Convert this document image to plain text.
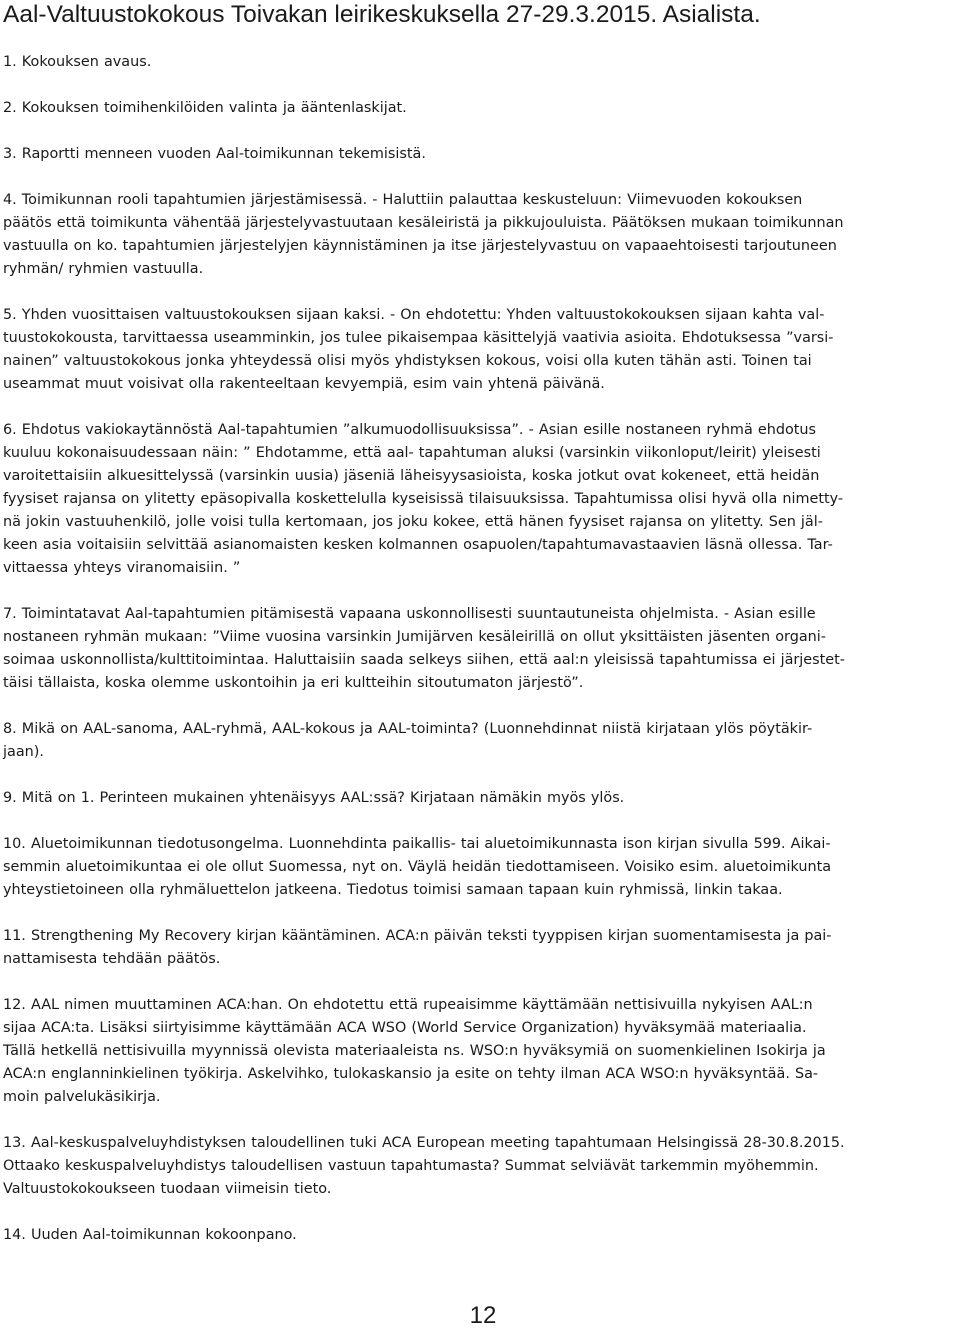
Aal-Valtuustokokous Toivakan leirikeskuksella 27-29.3.2015. Asialista.

1. Kokouksen avaus.

2. Kokouksen toimihenkilöiden valinta ja ääntenlaskijat.

3. Raportti menneen vuoden Aal-toimikunnan tekemisistä.

4. Toimikunnan rooli tapahtumien järjestämisessä. - Haluttiin palauttaa keskusteluun: Viimevuoden kokouksen
päätös että toimikunta vähentää järjestelyvastuutaan kesäleiristä ja pikkujouluista. Päätöksen mukaan toimikunnan
vastuulla on ko. tapahtumien järjestelyjen käynnistäminen ja itse järjestelyvastuu on vapaaehtoisesti tarjoutuneen
ryhmän/ ryhmien vastuulla.

5. Yhden vuosittaisen valtuustokouksen sijaan kaksi. - On ehdotettu: Yhden valtuustokokouksen sijaan kahta val-
tuustokokousta, tarvittaessa useamminkin, jos tulee pikaisempaa käsittelyjä vaativia asioita. Ehdotuksessa ”varsi-
nainen” valtuustokokous jonka yhteydessä olisi myös yhdistyksen kokous, voisi olla kuten tähän asti. Toinen tai
useammat muut voisivat olla rakenteeltaan kevyempiä, esim vain yhtenä päivänä.

6. Ehdotus vakiokaytännöstä Aal-tapahtumien ”alkumuodollisuuksissa”. - Asian esille nostaneen ryhmä ehdotus
kuuluu kokonaisuudessaan näin: ” Ehdotamme, että aal- tapahtuman aluksi (varsinkin viikonloput/leirit) yleisesti
varoitettaisiin alkuesittelyssä (varsinkin uusia) jäseniä läheisyysasioista, koska jotkut ovat kokeneet, että heidän
fyysiset rajansa on ylitetty epäsopivalla koskettelulla kyseisissä tilaisuuksissa. Tapahtumissa olisi hyvä olla nimetty-
nä jokin vastuuhenkilö, jolle voisi tulla kertomaan, jos joku kokee, että hänen fyysiset rajansa on ylitetty. Sen jäl-
keen asia voitaisiin selvittää asianomaisten kesken kolmannen osapuolen/tapahtumavastaavien läsnä ollessa. Tar-
vittaessa yhteys viranomaisiin. ”

7. Toimintatavat Aal-tapahtumien pitämisestä vapaana uskonnollisesti suuntautuneista ohjelmista. - Asian esille
nostaneen ryhmän mukaan: ”Viime vuosina varsinkin Jumijärven kesäleirillä on ollut yksittäisten jäsenten organi-
soimaa uskonnollista/kulttitoimintaa. Haluttaisiin saada selkeys siihen, että aal:n yleisissä tapahtumissa ei järjestet-
täisi tällaista, koska olemme uskontoihin ja eri kultteihin sitoutumaton järjestö”.

8. Mikä on AAL-sanoma, AAL-ryhmä, AAL-kokous ja AAL-toiminta? (Luonnehdinnat niistä kirjataan ylös pöytäkir-
jaan).

9. Mitä on 1. Perinteen mukainen yhtenäisyys AAL:ssä? Kirjataan nämäkin myös ylös.

10. Aluetoimikunnan tiedotusongelma. Luonnehdinta paikallis- tai aluetoimikunnasta ison kirjan sivulla 599. Aikai-
semmin aluetoimikuntaa ei ole ollut Suomessa, nyt on. Väylä heidän tiedottamiseen. Voisiko esim. aluetoimikunta
yhteystietoineen olla ryhmäluettelon jatkeena. Tiedotus toimisi samaan tapaan kuin ryhmissä, linkin takaa.

11. Strengthening My Recovery kirjan kääntäminen. ACA:n päivän teksti tyyppisen kirjan suomentamisesta ja pai-
nattamisesta tehdään päätös.

12. AAL nimen muuttaminen ACA:han. On ehdotettu että rupeaisimme käyttämään nettisivuilla nykyisen AAL:n
sijaa ACA:ta. Lisäksi siirtyisimme käyttämään ACA WSO (World Service Organization) hyväksymää materiaalia.
Tällä hetkellä nettisivuilla myynnissä olevista materiaaleista ns. WSO:n hyväksymiä on suomenkielinen Isokirja ja
ACA:n englanninkielinen työkirja. Askelvihko, tulokaskansio ja esite on tehty ilman ACA WSO:n hyväksyntää. Sa-
moin palvelukäsikirja.

13. Aal-keskuspalveluyhdistyksen taloudellinen tuki ACA European meeting tapahtumaan Helsingissä 28-30.8.2015.
Ottaako keskuspalveluyhdistys taloudellisen vastuun tapahtumasta? Summat selviävät tarkemmin myöhemmin.
Valtuustokokoukseen tuodaan viimeisin tieto.

14. Uuden Aal-toimikunnan kokoonpano.

12
